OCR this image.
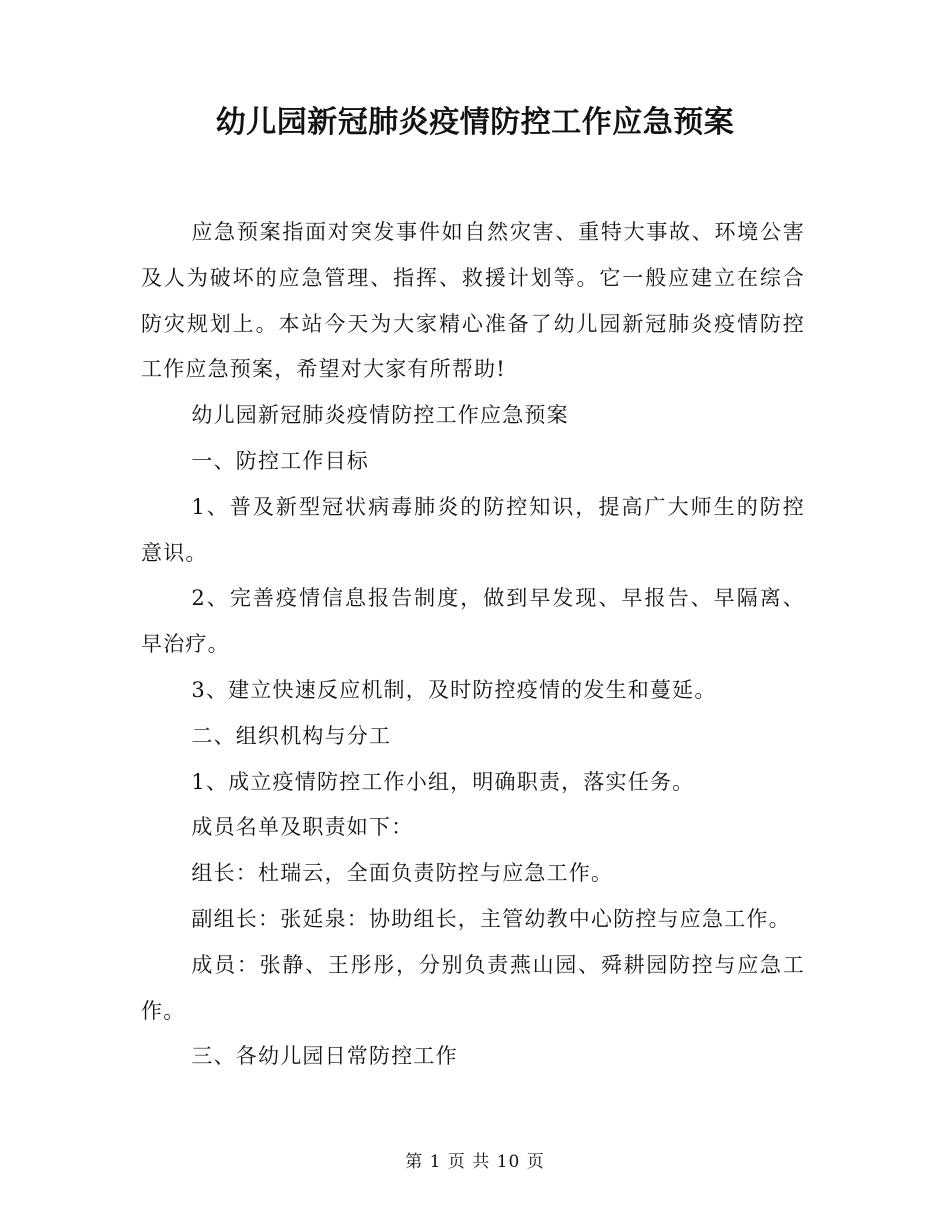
幼儿园新冠肺炎疫情防控工作应急预案

应急预案指面对突发事件如自然灾害、重特大事故、环境公害及人为破坏的应急管理、指挥、救援计划等。它一般应建立在综合防灾规划上。本站今天为大家精心准备了幼儿园新冠肺炎疫情防控工作应急预案，希望对大家有所帮助!

幼儿园新冠肺炎疫情防控工作应急预案

一、防控工作目标

1、普及新型冠状病毒肺炎的防控知识，提高广大师生的防控意识。

2、完善疫情信息报告制度，做到早发现、早报告、早隔离、早治疗。

3、建立快速反应机制，及时防控疫情的发生和蔓延。

二、组织机构与分工

1、成立疫情防控工作小组，明确职责，落实任务。

成员名单及职责如下：

组长：杜瑞云，全面负责防控与应急工作。

副组长：张延泉：协助组长，主管幼教中心防控与应急工作。

成员：张静、王彤彤，分别负责燕山园、舜耕园防控与应急工作。

三、各幼儿园日常防控工作

第 1 页 共 10 页
